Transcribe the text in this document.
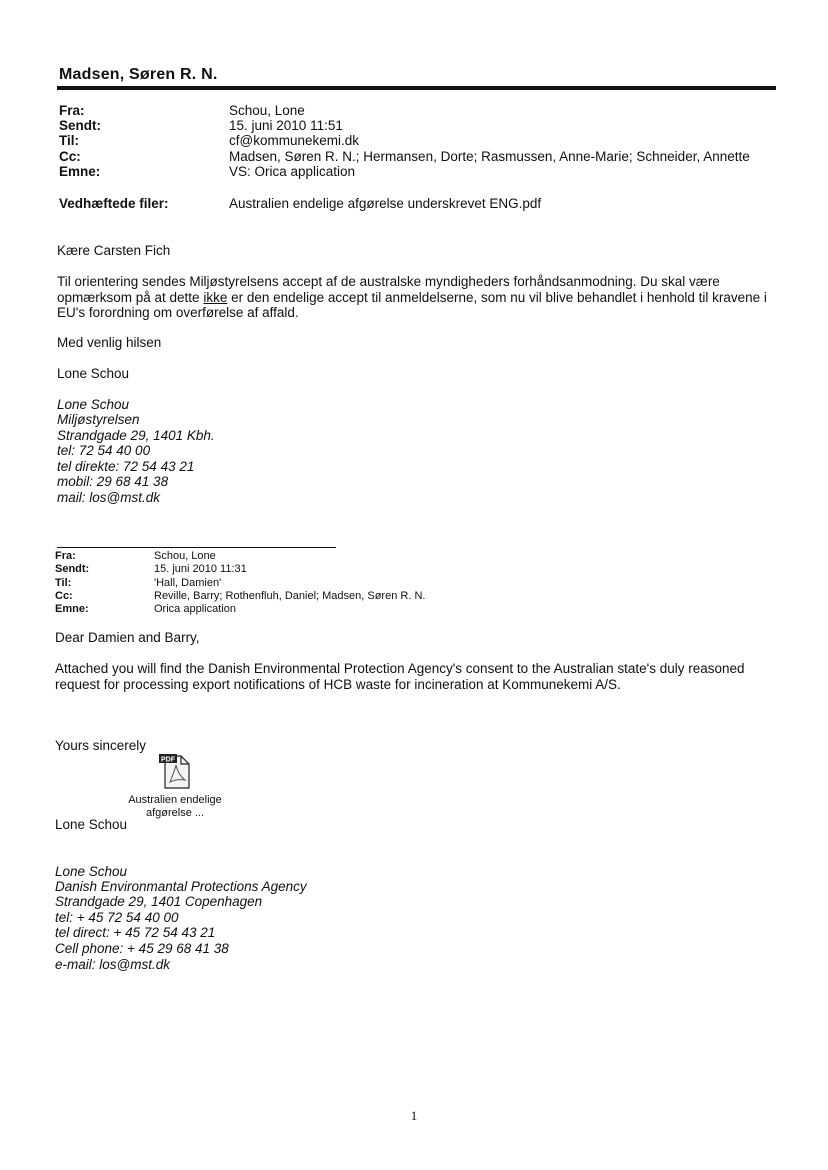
Madsen, Søren R. N.
Fra:	Schou, Lone
Sendt:	15. juni 2010 11:51
Til:	cf@kommunekemi.dk
Cc:	Madsen, Søren R. N.; Hermansen, Dorte; Rasmussen, Anne-Marie; Schneider, Annette
Emne:	VS: Orica application
Vedhæftede filer:	Australien endelige afgørelse underskrevet ENG.pdf
Kære Carsten Fich
Til orientering sendes Miljøstyrelsens accept af de australske myndigheders forhåndsanmodning. Du skal være opmærksom på at dette ikke er den endelige accept til anmeldelserne, som nu vil blive behandlet i henhold til kravene i EU's forordning om overførelse af affald.
Med venlig hilsen
Lone Schou
Lone Schou
Miljøstyrelsen
Strandgade 29, 1401 Kbh.
tel: 72 54 40 00
tel direkte: 72 54 43 21
mobil: 29 68 41 38
mail: los@mst.dk
Fra:	Schou, Lone
Sendt:	15. juni 2010 11:31
Til:	'Hall, Damien'
Cc:	Reville, Barry; Rothenfluh, Daniel; Madsen, Søren R. N.
Emne:	Orica application
Dear Damien and Barry,
Attached you will find the Danish Environmental Protection Agency's consent to the Australian state's duly reasoned request for processing export notifications of HCB waste for incineration at Kommunekemi A/S.
Yours sincerely
PDF
Australien endelige
afgørelse ...
Lone Schou
Lone Schou
Danish Environmantal Protections Agency
Strandgade 29, 1401 Copenhagen
tel: + 45 72 54 40 00
tel direct: + 45 72 54 43 21
Cell phone: + 45 29 68 41 38
e-mail: los@mst.dk
1
